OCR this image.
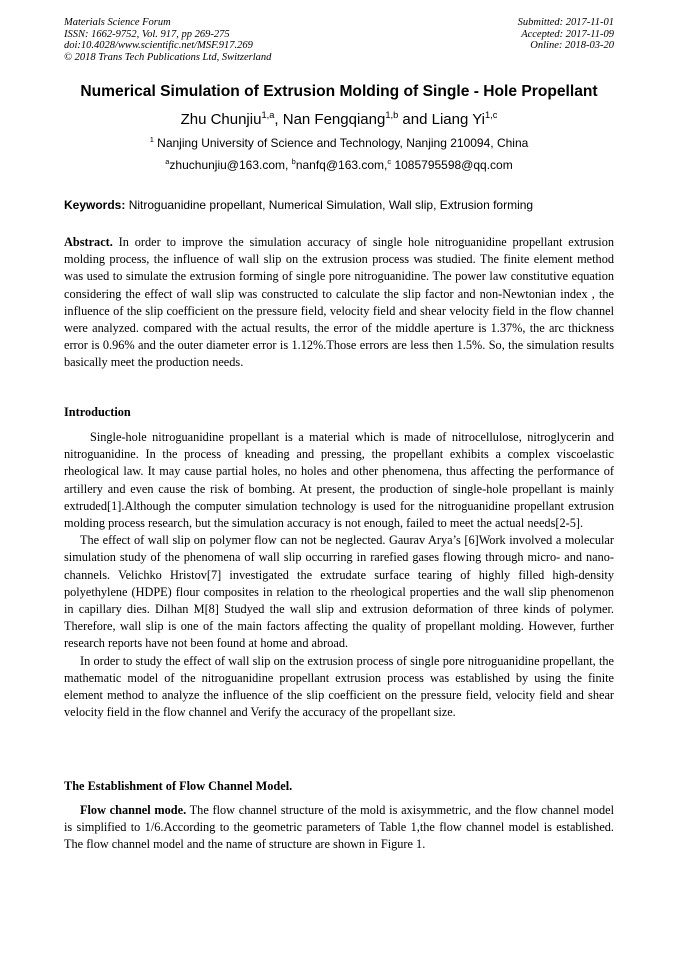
Materials Science Forum
ISSN: 1662-9752, Vol. 917, pp 269-275
doi:10.4028/www.scientific.net/MSF.917.269
© 2018 Trans Tech Publications Ltd, Switzerland
Submitted: 2017-11-01
Accepted: 2017-11-09
Online: 2018-03-20
Numerical Simulation of Extrusion Molding of Single - Hole Propellant
Zhu Chunjiu$^{1,a}$, Nan Fengqiang$^{1,b}$ and Liang Yi$^{1,c}$
$^1$ Nanjing University of Science and Technology, Nanjing 210094, China
$^a$zhuchunjiu@163.com, $^b$nanfq@163.com,$^c$ 1085795598@qq.com
Keywords: Nitroguanidine propellant, Numerical Simulation, Wall slip, Extrusion forming

Abstract. In order to improve the simulation accuracy of single hole nitroguanidine propellant extrusion molding process, the influence of wall slip on the extrusion process was studied. The finite element method was used to simulate the extrusion forming of single pore nitroguanidine. The power law constitutive equation considering the effect of wall slip was constructed to calculate the slip factor and non-Newtonian index , the influence of the slip coefficient on the pressure field, velocity field and shear velocity field in the flow channel were analyzed. compared with the actual results, the error of the middle aperture is 1.37%, the arc thickness error is 0.96% and the outer diameter error is 1.12%.Those errors are less then 1.5%. So, the simulation results basically meet the production needs.

Introduction

Single-hole nitroguanidine propellant is a material which is made of nitrocellulose, nitroglycerin and nitroguanidine. In the process of kneading and pressing, the propellant exhibits a complex viscoelastic rheological law. It may cause partial holes, no holes and other phenomena, thus affecting the performance of artillery and even cause the risk of bombing. At present, the production of single-hole propellant is mainly extruded[1].Although the computer simulation technology is used for the nitroguanidine propellant extrusion molding process research, but the simulation accuracy is not enough, failed to meet the actual needs[2-5].

The effect of wall slip on polymer flow can not be neglected. Gaurav Arya’s [6]Work involved a molecular simulation study of the phenomena of wall slip occurring in rarefied gases flowing through micro- and nano-channels. Velichko Hristov[7] investigated the extrudate surface tearing of highly filled high-density polyethylene (HDPE) flour composites in relation to the rheological properties and the wall slip phenomenon in capillary dies. Dilhan M[8] Studyed the wall slip and extrusion deformation of three kinds of polymer. Therefore, wall slip is one of the main factors affecting the quality of propellant molding. However, further research reports have not been found at home and abroad.

In order to study the effect of wall slip on the extrusion process of single pore nitroguanidine propellant, the mathematic model of the nitroguanidine propellant extrusion process was established by using the finite element method to analyze the influence of the slip coefficient on the pressure field, velocity field and shear velocity field in the flow channel and Verify the accuracy of the propellant size.

The Establishment of Flow Channel Model.

Flow channel mode. The flow channel structure of the mold is axisymmetric, and the flow channel model is simplified to 1/6.According to the geometric parameters of Table 1,the flow channel model is established. The flow channel model and the name of structure are shown in Figure 1.
